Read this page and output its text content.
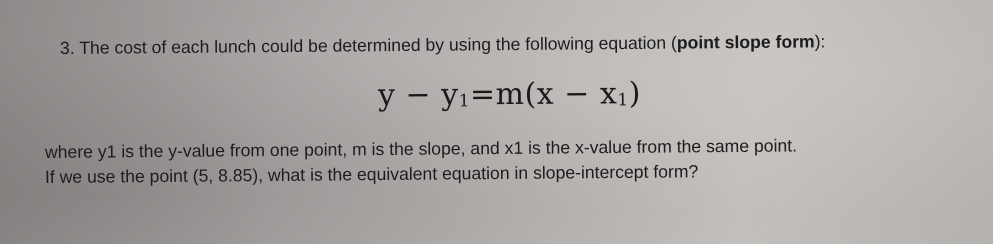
3. The cost of each lunch could be determined by using the following equation (point slope form):
$y - y_1=m(x - x_1)$
where y1 is the y-value from one point, m is the slope, and x1 is the x-value from the same point.
If we use the point (5, 8.85), what is the equivalent equation in slope-intercept form?
